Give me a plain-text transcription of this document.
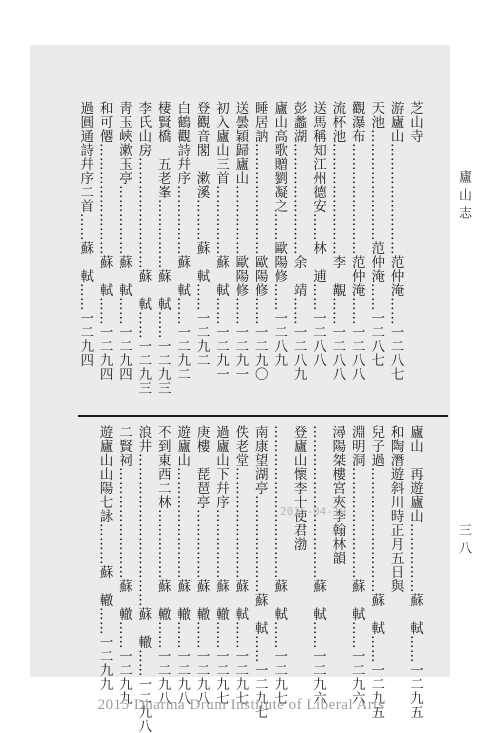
廬山志
三八
芝山寺
游廬山……………………范仲淹……一二八七
天池……………………范仲淹……一二八七
觀瀑布……………………范仲淹……一二八八
流杯池……………………李　覯……一二八八
送馬稱知江州德安……林　逋……一二八八
彭蠡湖……………………余　靖……一二八九
廬山高歌贈劉凝之……歐陽修……一二八九
睡居訥……………………歐陽修……一二九〇
送曇穎歸廬山……………歐陽修……一二九一
初入廬山三首……………蘇　軾……一二九一
登觀音閣　漱溪………蘇　軾……一二九二
白鶴觀詩幷序……………蘇　軾……一二九二
棲賢橋　五老峯……………蘇　軾……一二九三
李氏山房……………………蘇　軾……一二九三
靑玉峽漱玉亭……………蘇　軾……一二九四
和可僊……………………蘇　軾……一二九四
過圓通詩幷序二首……蘇　軾……一二九四
廬山　再遊廬山……………蘇　軾……一二九五
和陶潛遊斜川時正月五日與
兒子過………………………蘇　軾……一二九五
淵明洞……………………蘇　軾……一二九六
潯陽桀樓宮夾李翰林韻
……………………………蘇　軾……一二九六
登廬山懷李十使君渤
……………………………蘇　軾……一二九七
南康望湖亭…………………蘇　軾……一二九七
佚老堂……………………蘇　軾……一二九七
過廬山下幷序……………蘇　轍……一二九七
庚樓　琵琶亭……………蘇　轍……一二九八
遊廬山……………………蘇　轍……一二九八
不到東西二林……………蘇　轍……一二九八
浪井……………………………蘇　轍……一二九八
二賢祠……………………蘇　轍……一二九九
遊廬山山陽七詠………蘇　轍……一二九九	2015-04-19
2015 Dharma Drum Institute of Liberal Arts
